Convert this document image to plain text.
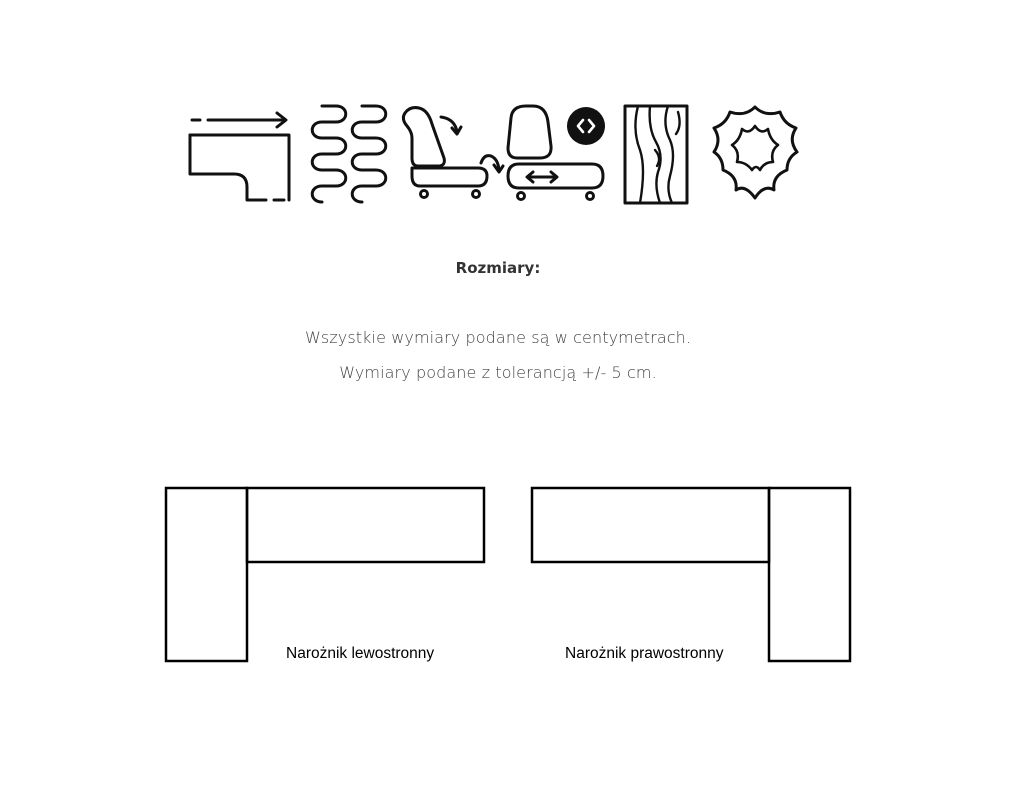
Rozmiary:
Wszystkie wymiary podane są w centymetrach.
Wymiary podane z tolerancją +/- 5 cm.
Narożnik lewostronny	Narożnik prawostronny
